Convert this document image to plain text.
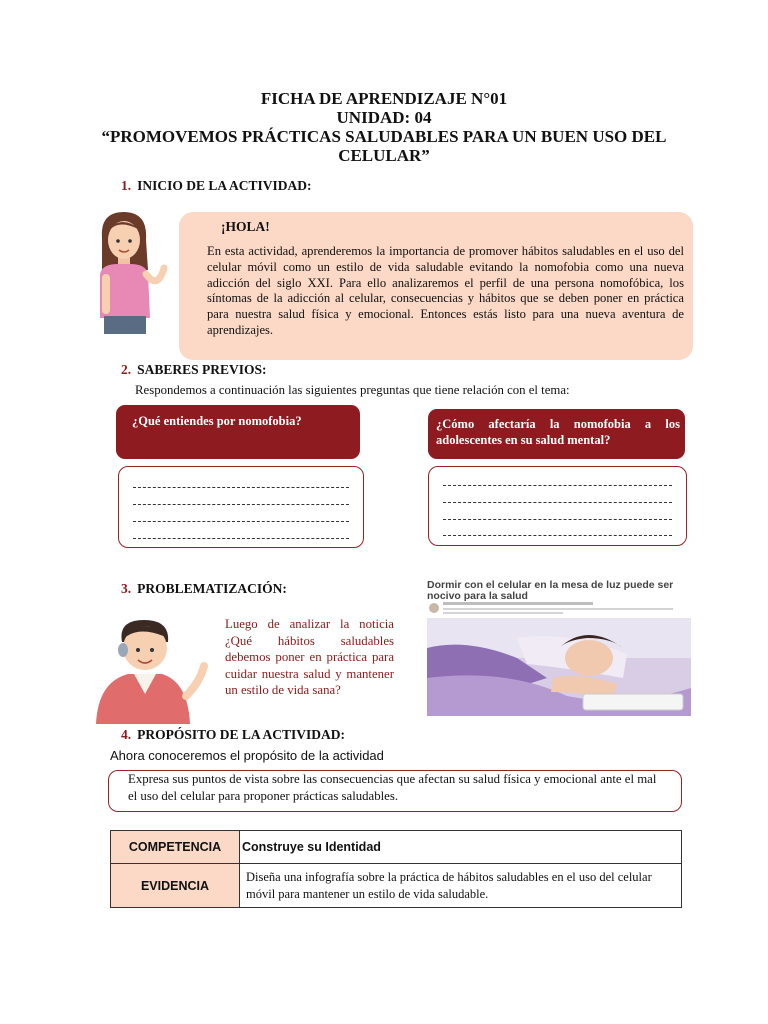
FICHA DE APRENDIZAJE N°01
UNIDAD: 04
“PROMOVEMOS PRÁCTICAS SALUDABLES PARA UN BUEN USO DEL
CELULAR”
1. INICIO DE LA ACTIVIDAD:
¡HOLA!
En esta actividad, aprenderemos la importancia de promover hábitos saludables en el uso del celular móvil como un estilo de vida saludable evitando la nomofobia como una nueva adicción del siglo XXI. Para ello analizaremos el perfil de una persona nomofóbica, los síntomas de la adicción al celular, consecuencias y hábitos que se deben poner en práctica para nuestra salud física y emocional. Entonces estás listo para una nueva aventura de aprendizajes.
2. SABERES PREVIOS:
Respondemos a continuación las siguientes preguntas que tiene relación con el tema:
¿Qué entiendes por nomofobia?	¿Cómo afectaría la nomofobia a los adolescentes en su salud mental?
3. PROBLEMATIZACIÓN:
Luego de analizar la noticia ¿Qué hábitos saludables debemos poner en práctica para cuidar nuestra salud y mantener un estilo de vida sana?
Dormir con el celular en la mesa de luz puede ser nocivo para la salud
4. PROPÓSITO DE LA ACTIVIDAD:
Ahora conoceremos el propósito de la actividad
Expresa sus puntos de vista sobre las consecuencias que afectan su salud física y emocional ante el mal el uso del celular para proponer prácticas saludables.
COMPETENCIA	Construye su Identidad
EVIDENCIA	Diseña una infografía sobre la práctica de hábitos saludables en el uso del celular móvil para mantener un estilo de vida saludable.
